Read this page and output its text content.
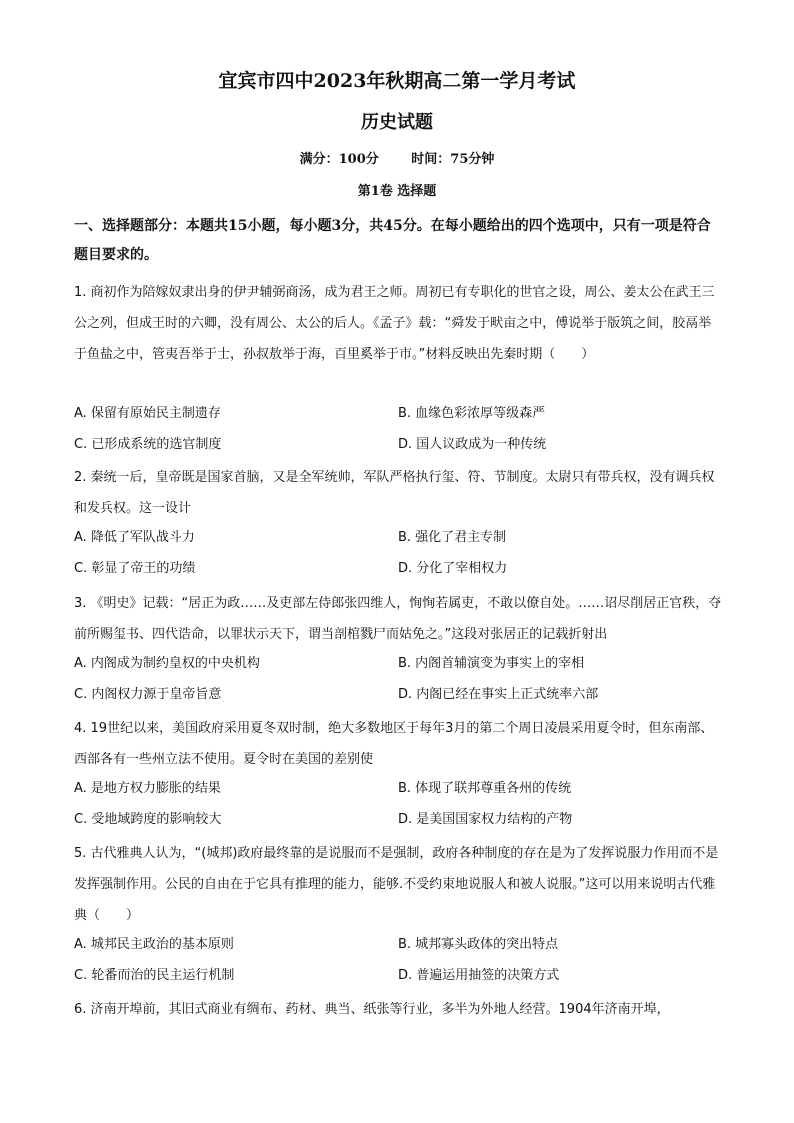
宜宾市四中2023年秋期高二第一学月考试
历史试题
满分：100分	时间：75分钟
第1卷 选择题
一、选择题部分：本题共15小题，每小题3分，共45分。在每小题给出的四个选项中，只有一项是符合题目要求的。
1. 商初作为陪嫁奴隶出身的伊尹辅弼商汤，成为君王之师。周初已有专职化的世官之设，周公、姜太公在武王三公之列，但成王时的六卿，没有周公、太公的后人。《孟子》载：“舜发于畎亩之中，傅说举于版筑之间，胶鬲举于鱼盐之中，管夷吾举于士，孙叔敖举于海，百里奚举于市。”材料反映出先秦时期（　　）
A. 保留有原始民主制遗存	B. 血缘色彩浓厚等级森严
C. 已形成系统的选官制度	D. 国人议政成为一种传统
2. 秦统一后，皇帝既是国家首脑，又是全军统帅，军队严格执行玺、符、节制度。太尉只有带兵权，没有调兵权和发兵权。这一设计
A. 降低了军队战斗力	B. 强化了君主专制
C. 彰显了帝王的功绩	D. 分化了宰相权力
3. 《明史》记载：“居正为政……及吏部左侍郎张四维人，恂恂若属吏，不敢以僚自处。……诏尽削居正官秩，夺前所赐玺书、四代诰命，以罪状示天下，谓当剖棺戮尸而姑免之。”这段对张居正的记载折射出
A. 内阁成为制约皇权的中央机构	B. 内阁首辅演变为事实上的宰相
C. 内阁权力源于皇帝旨意	D. 内阁已经在事实上正式统率六部
4. 19世纪以来，美国政府采用夏冬双时制，绝大多数地区于每年3月的第二个周日凌晨采用夏令时，但东南部、西部各有一些州立法不使用。夏令时在美国的差别使
A. 是地方权力膨胀的结果	B. 体现了联邦尊重各州的传统
C. 受地域跨度的影响较大	D. 是美国国家权力结构的产物
5. 古代雅典人认为，“(城邦)政府最终靠的是说服而不是强制，政府各种制度的存在是为了发挥说服力作用而不是发挥强制作用。公民的自由在于它具有推理的能力，能够.不受约束地说服人和被人说服。”这可以用来说明古代雅典（　　）
A. 城邦民主政治的基本原则	B. 城邦寡头政体的突出特点
C. 轮番而治的民主运行机制	D. 普遍运用抽签的决策方式
6. 济南开埠前，其旧式商业有绸布、药材、典当、纸张等行业，多半为外地人经营。1904年济南开埠，
